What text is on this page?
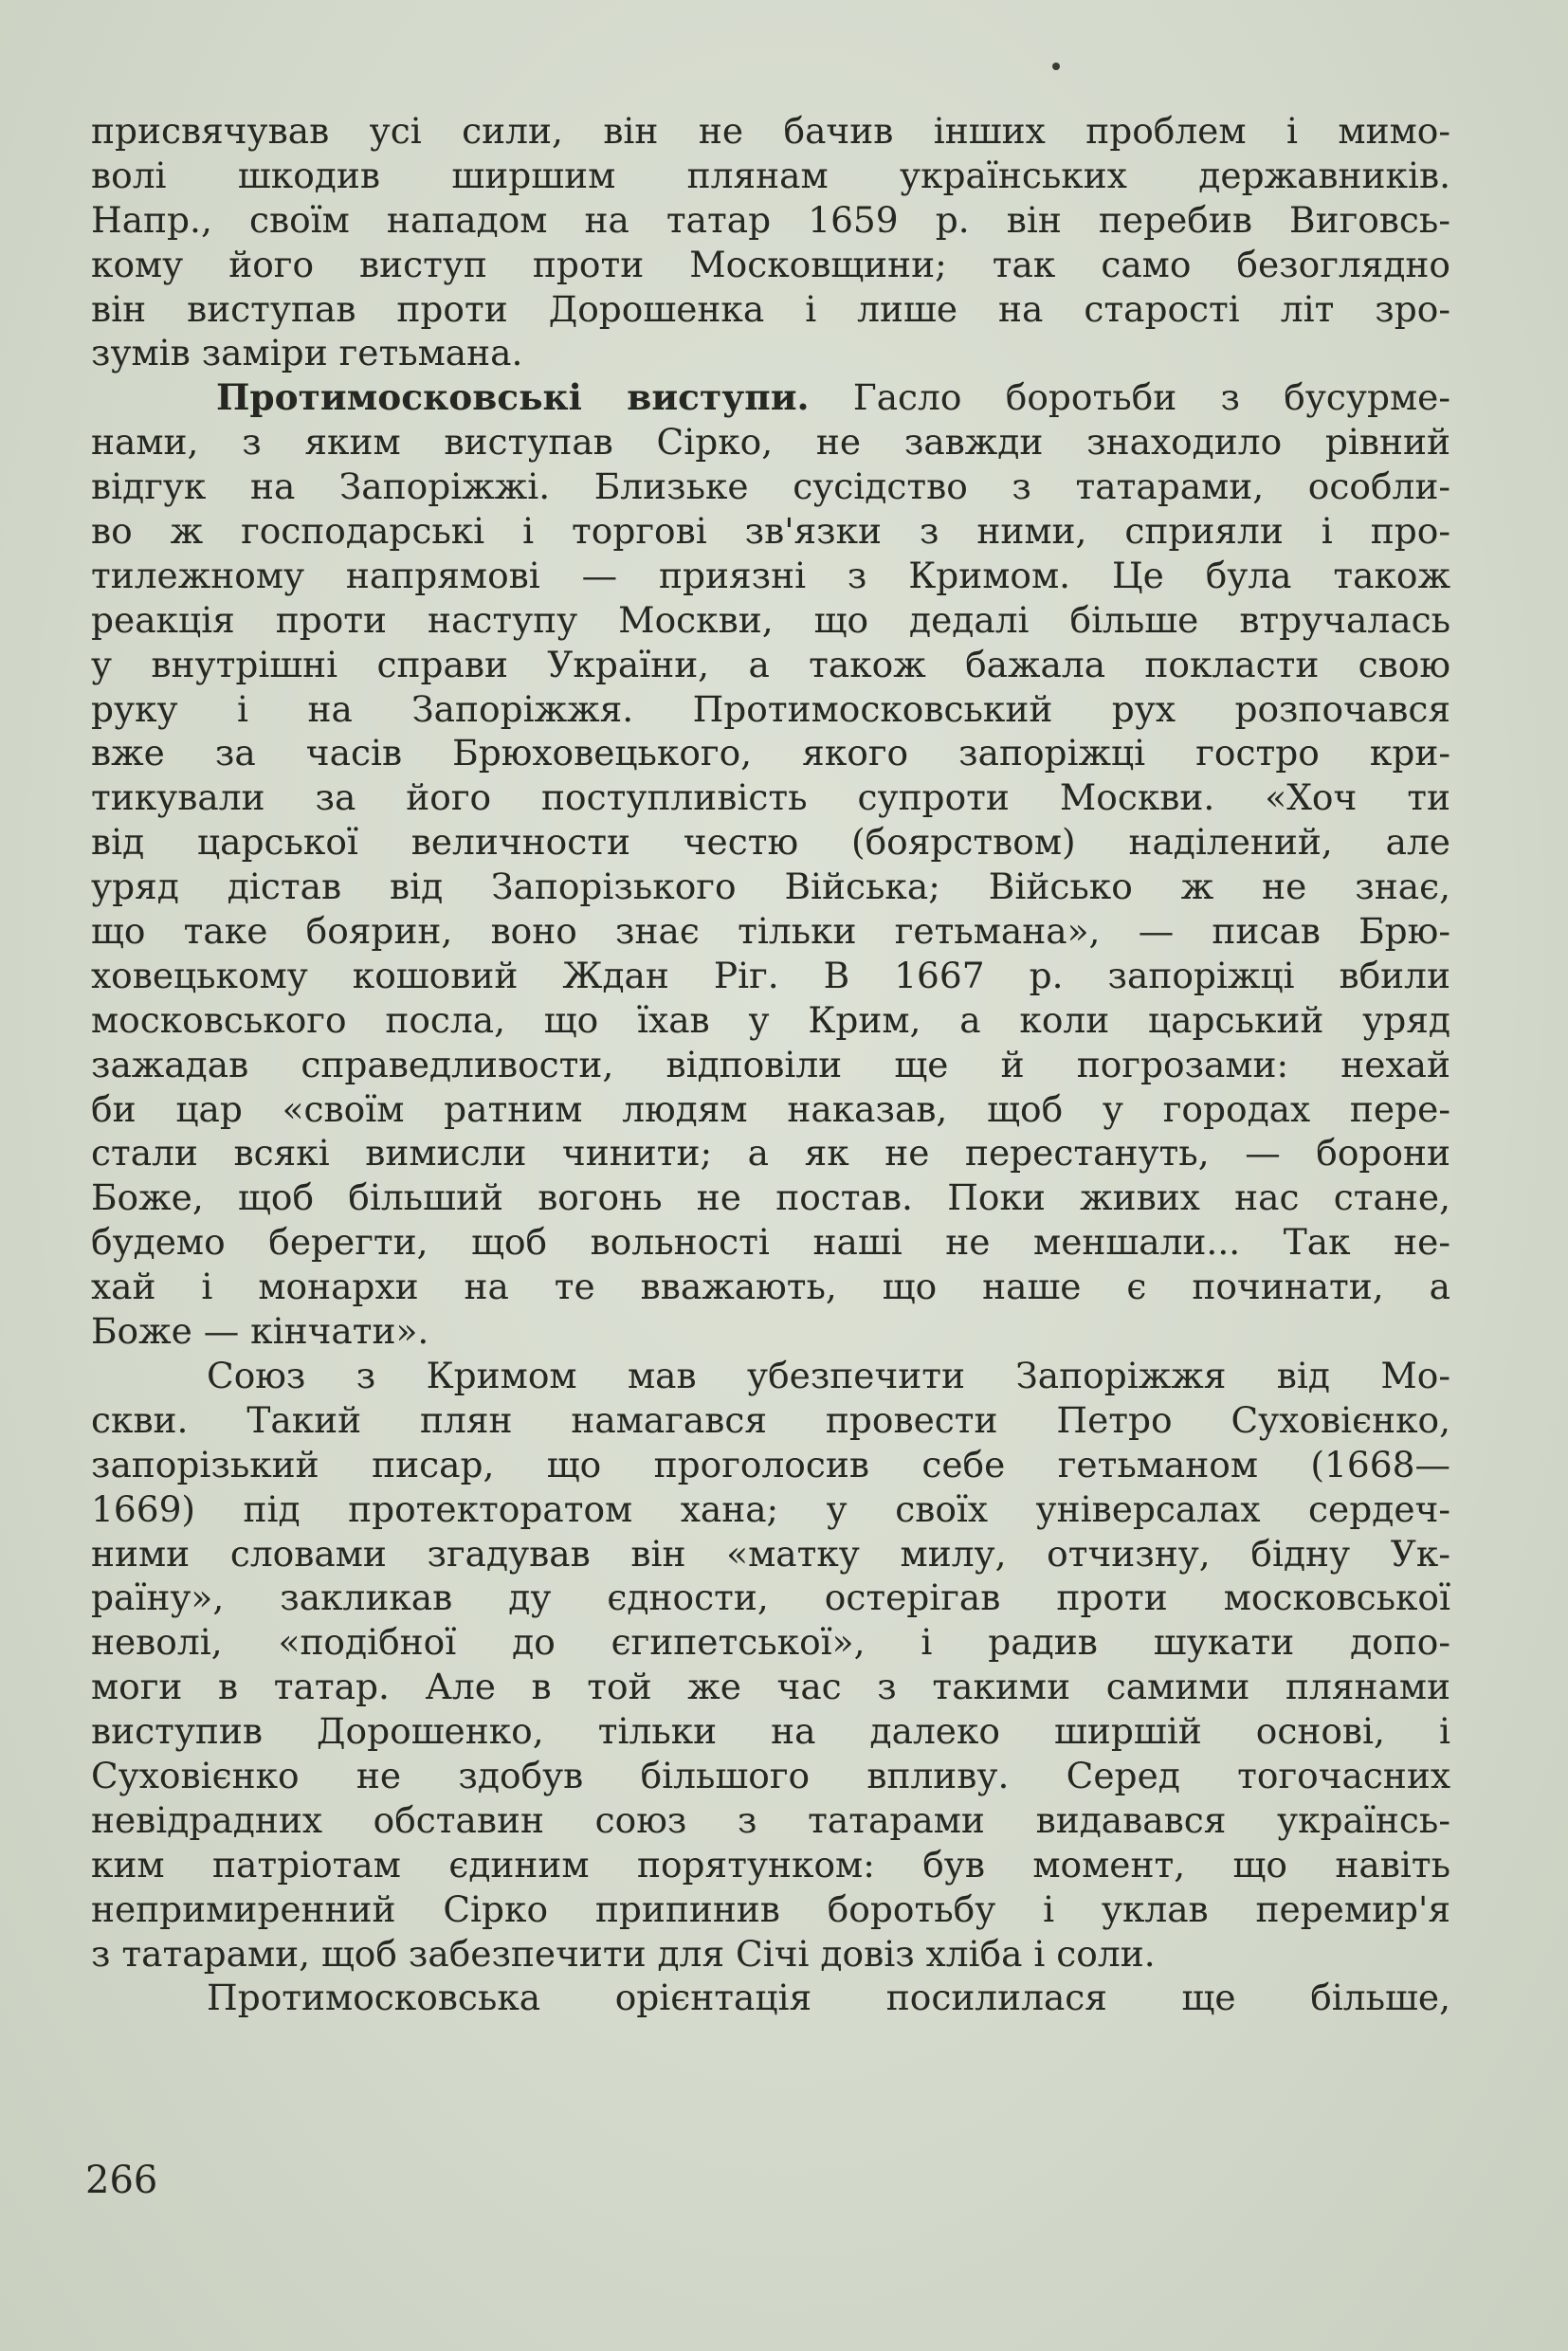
присвячував усі сили, він не бачив інших проблем і мимо-
волі шкодив ширшим плянам українських державників.
Напр., своїм нападом на татар 1659 р. він перебив Виговсь-
кому його виступ проти Московщини; так само безоглядно
він виступав проти Дорошенка і лише на старості літ зро-
зумів заміри гетьмана.
Протимосковські виступи. Гасло боротьби з бусурме-
нами, з яким виступав Сірко, не завжди знаходило рівний
відгук на Запоріжжі. Близьке сусідство з татарами, особли-
во ж господарські і торгові зв'язки з ними, сприяли і про-
тилежному напрямові — приязні з Кримом. Це була також
реакція проти наступу Москви, що дедалі більше втручалась
у внутрішні справи України, а також бажала покласти свою
руку і на Запоріжжя. Протимосковський рух розпочався
вже за часів Брюховецького, якого запоріжці гостро кри-
тикували за його поступливість супроти Москви. «Хоч ти
від царської величности честю (боярством) наділений, але
уряд дістав від Запорізького Війська; Військо ж не знає,
що таке боярин, воно знає тільки гетьмана», — писав Брю-
ховецькому кошовий Ждан Ріг. В 1667 р. запоріжці вбили
московського посла, що їхав у Крим, а коли царський уряд
зажадав справедливости, відповіли ще й погрозами: нехай
би цар «своїм ратним людям наказав, щоб у городах пере-
стали всякі вимисли чинити; а як не перестануть, — борони
Боже, щоб більший вогонь не постав. Поки живих нас стане,
будемо берегти, щоб вольності наші не меншали... Так не-
хай і монархи на те вважають, що наше є починати, а
Боже — кінчати».
Союз з Кримом мав убезпечити Запоріжжя від Мо-
скви. Такий плян намагався провести Петро Суховієнко,
запорізький писар, що проголосив себе гетьманом (1668—
1669) під протекторатом хана; у своїх універсалах сердеч-
ними словами згадував він «матку милу, отчизну, бідну Ук-
раїну», закликав ду єдности, остерігав проти московської
неволі, «подібної до єгипетської», і радив шукати допо-
моги в татар. Але в той же час з такими самими плянами
виступив Дорошенко, тільки на далеко ширшій основі, і
Суховієнко не здобув більшого впливу. Серед тогочасних
невідрадних обставин союз з татарами видавався українсь-
ким патріотам єдиним порятунком: був момент, що навіть
непримиренний Сірко припинив боротьбу і уклав перемир'я
з татарами, щоб забезпечити для Січі довіз хліба і соли.
Протимосковська орієнтація посилилася ще більше,
266
